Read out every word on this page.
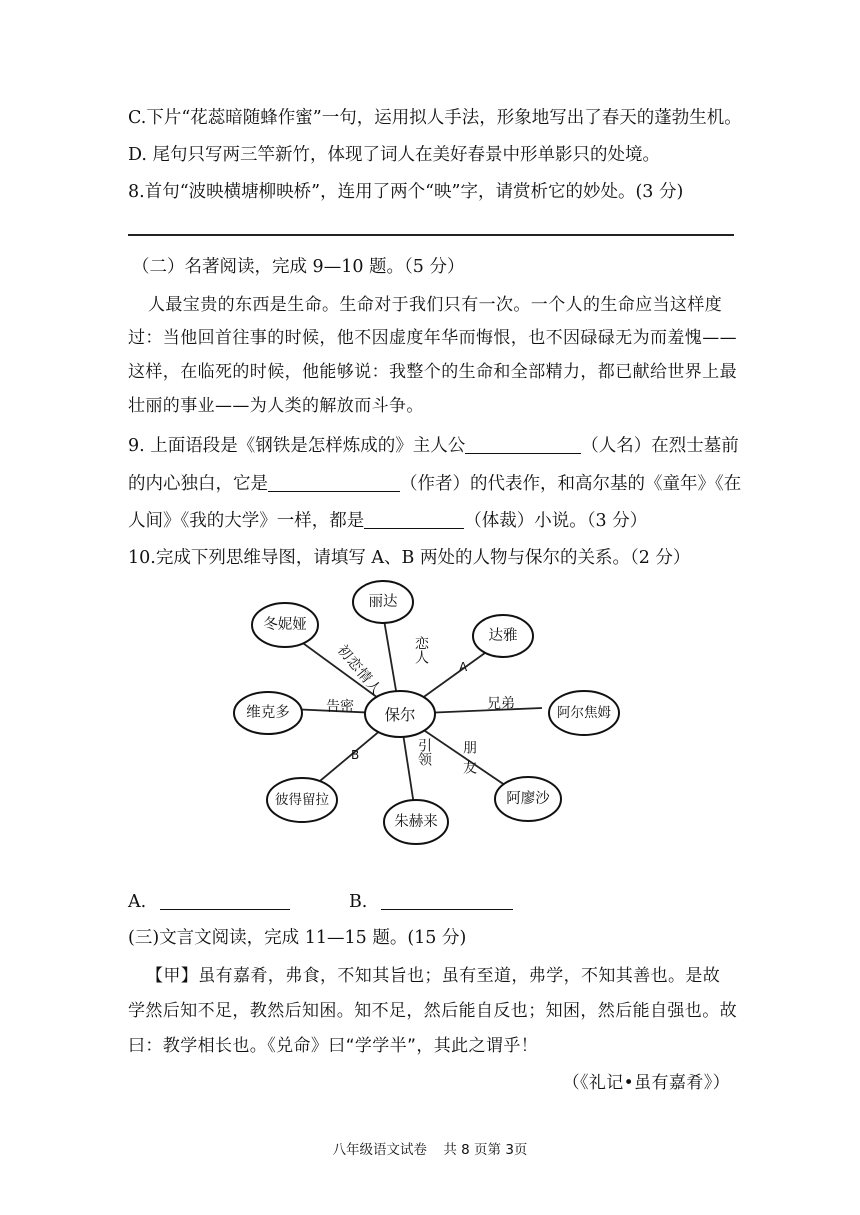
C.下片“花蕊暗随蜂作蜜”一句，运用拟人手法，形象地写出了春天的蓬勃生机。
D. 尾句只写两三竿新竹，体现了词人在美好春景中形单影只的处境。
8.首句“波映横塘柳映桥”，连用了两个“映”字，请赏析它的妙处。(3 分)
（二）名著阅读，完成 9—10 题。（5 分）
人最宝贵的东西是生命。生命对于我们只有一次。一个人的生命应当这样度
过：当他回首往事的时候，他不因虚度年华而悔恨，也不因碌碌无为而羞愧——
这样，在临死的时候，他能够说：我整个的生命和全部精力，都已献给世界上最
壮丽的事业——为人类的解放而斗争。
9. 上面语段是《钢铁是怎样炼成的》主人公	（人名）在烈士墓前
的内心独白，它是	（作者）的代表作，和高尔基的《童年》《在
人间》《我的大学》一样，都是	（体裁）小说。（3 分）
10.完成下列思维导图，请填写 A、B 两处的人物与保尔的关系。（2 分）
保尔
丽达
冬妮娅
达雅
维克多	阿尔焦姆
彼得留拉
朱赫来
阿廖沙
恋人
初恋情人	A
告密	兄弟
B	引领 朋友
A.	B.
(三)文言文阅读，完成 11—15 题。(15 分)
【甲】虽有嘉肴，弗食，不知其旨也；虽有至道，弗学，不知其善也。是故
学然后知不足，教然后知困。知不足，然后能自反也；知困，然后能自强也。故
曰：教学相长也。《兑命》曰“学学半”，其此之谓乎！
（《礼记•虽有嘉肴》）
八年级语文试卷 共 8 页第 3页
